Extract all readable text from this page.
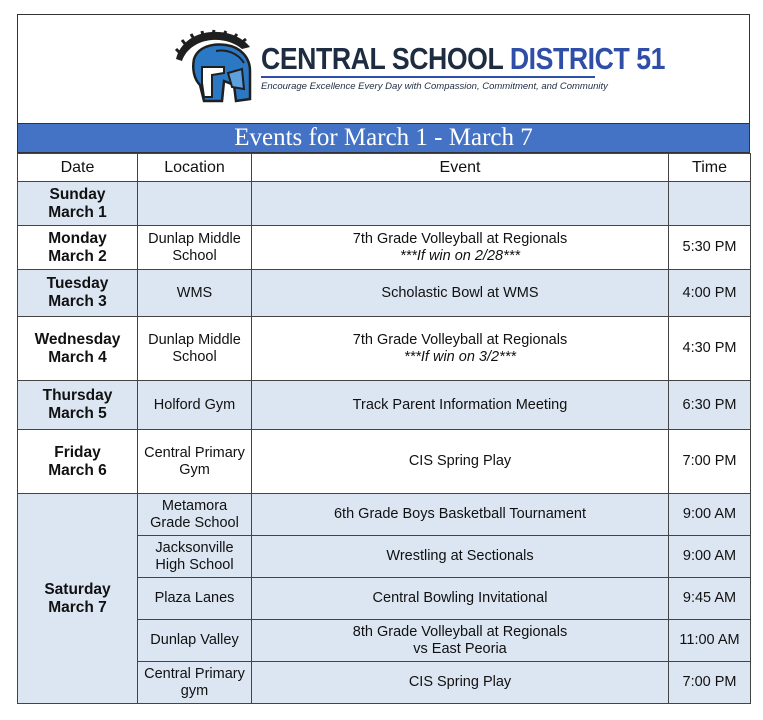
CENTRAL SCHOOL DISTRICT 51
Encourage Excellence Every Day with Compassion, Commitment, and Community
Events for March 1 - March 7
Date	Location	Event	Time

Sunday
March 1			

Monday
March 2	Dunlap Middle School	7th Grade Volleyball at Regionals
***If win on 2/28***	5:30 PM

Tuesday
March 3	WMS	Scholastic Bowl at WMS	4:00 PM

Wednesday
March 4	Dunlap Middle School	7th Grade Volleyball at Regionals
***If win on 3/2***	4:30 PM

Thursday
March 5	Holford Gym	Track Parent Information Meeting	6:30 PM

Friday
March 6	Central Primary Gym	CIS Spring Play	7:00 PM

Saturday
March 7	Metamora Grade School	6th Grade Boys Basketball Tournament	9:00 AM
	Jacksonville High School	Wrestling at Sectionals	9:00 AM
	Plaza Lanes	Central Bowling Invitational	9:45 AM
	Dunlap Valley	8th Grade Volleyball at Regionals
vs East Peoria	11:00 AM
	Central Primary gym	CIS Spring Play	7:00 PM
